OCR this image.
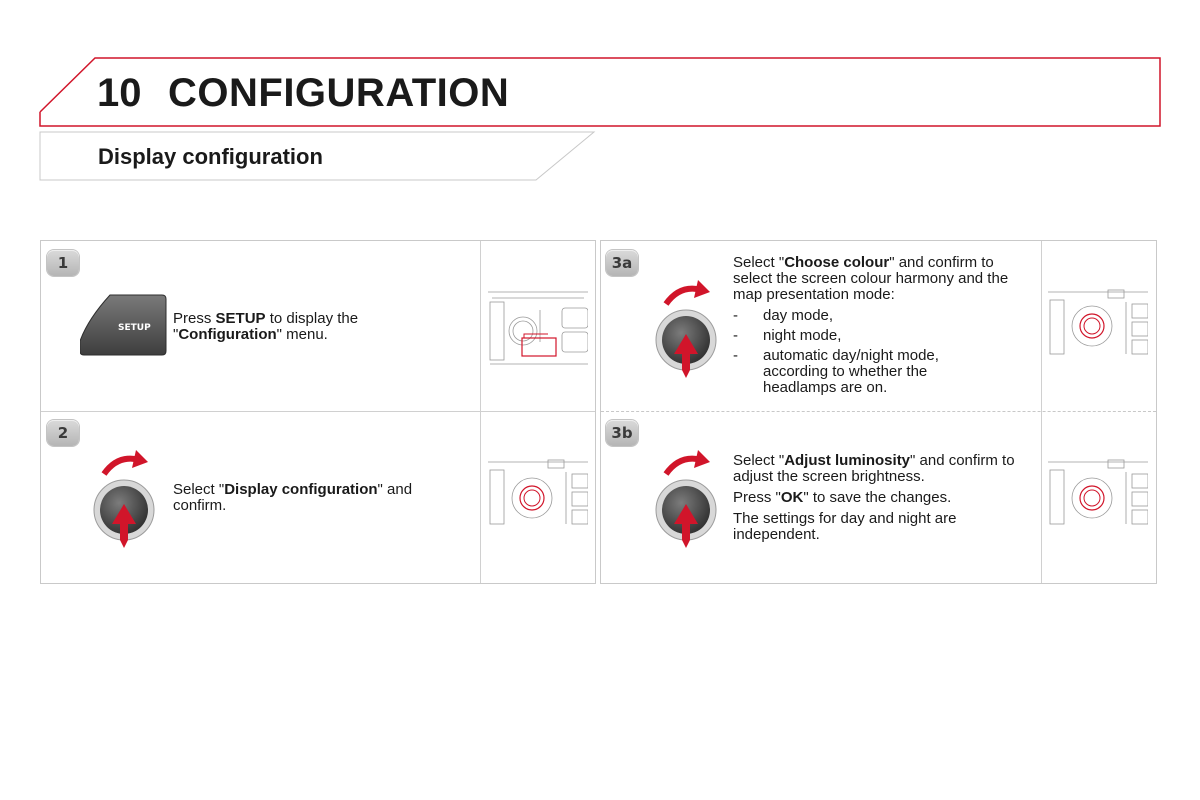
10 CONFIGURATION
Display configuration
1
SETUP
Press SETUP to display the "Configuration" menu.
2
Select "Display configuration" and confirm.
3a	Select "Choose colour" and confirm to select the screen colour harmony and the map presentation mode:

- day mode,
- night mode,
- automatic day/night mode, according to whether the headlamps are on.
3b

Select "Adjust luminosity" and confirm to adjust the screen brightness.

Press "OK" to save the changes.

The settings for day and night are independent.
